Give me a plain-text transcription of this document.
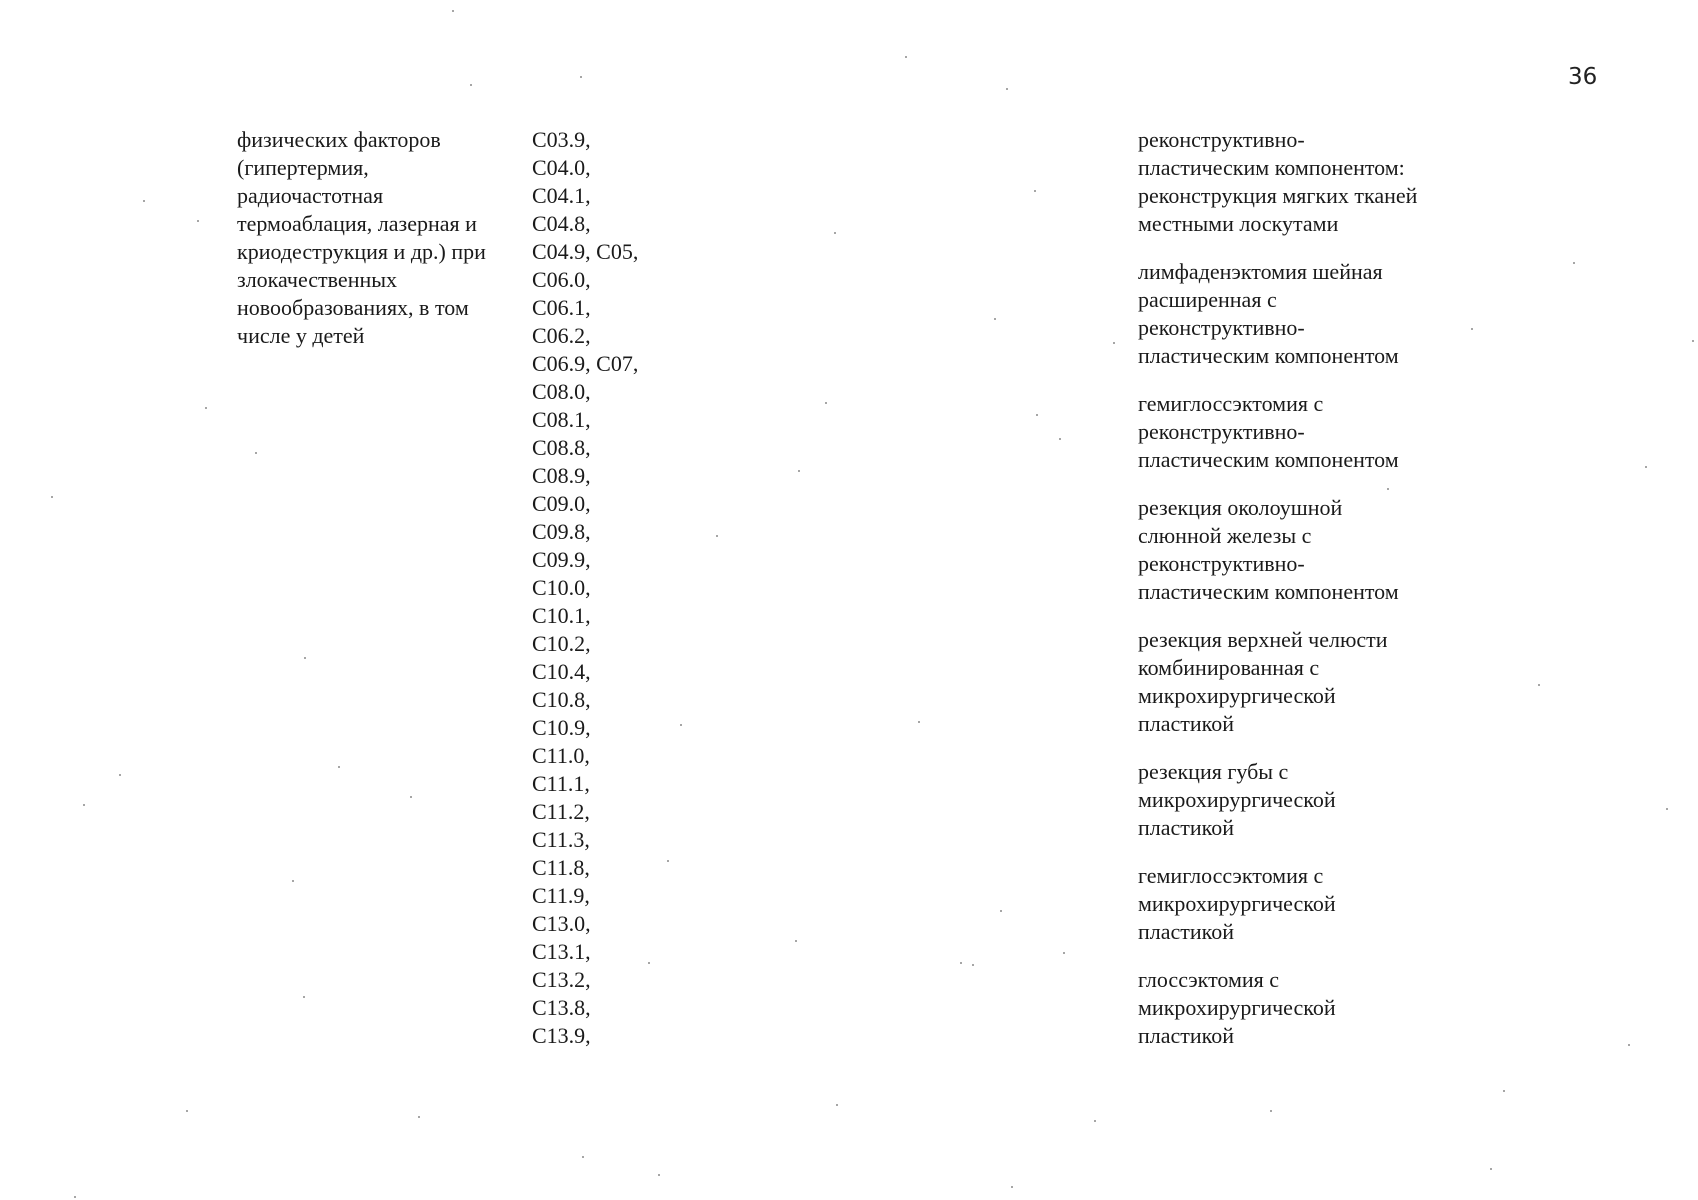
36
физических факторов
(гипертермия,
радиочастотная
термоаблация, лазерная и
криодеструкция и др.) при
злокачественных
новообразованиях, в том
числе у детей
C03.9,
C04.0,
C04.1,
C04.8,
C04.9, C05,
C06.0,
C06.1,
C06.2,
C06.9, C07,
C08.0,
C08.1,
C08.8,
C08.9,
C09.0,
C09.8,
C09.9,
C10.0,
C10.1,
C10.2,
C10.4,
C10.8,
C10.9,
C11.0,
C11.1,
C11.2,
C11.3,
C11.8,
C11.9,
C13.0,
C13.1,
C13.2,
C13.8,
C13.9,
реконструктивно-
пластическим компонентом:
реконструкция мягких тканей
местными лоскутами
лимфаденэктомия шейная
расширенная с
реконструктивно-
пластическим компонентом
гемиглоссэктомия с
реконструктивно-
пластическим компонентом
резекция околоушной
слюнной железы с
реконструктивно-
пластическим компонентом
резекция верхней челюсти
комбинированная с
микрохирургической
пластикой
резекция губы с
микрохирургической
пластикой
гемиглоссэктомия с
микрохирургической
пластикой
глоссэктомия с
микрохирургической
пластикой
